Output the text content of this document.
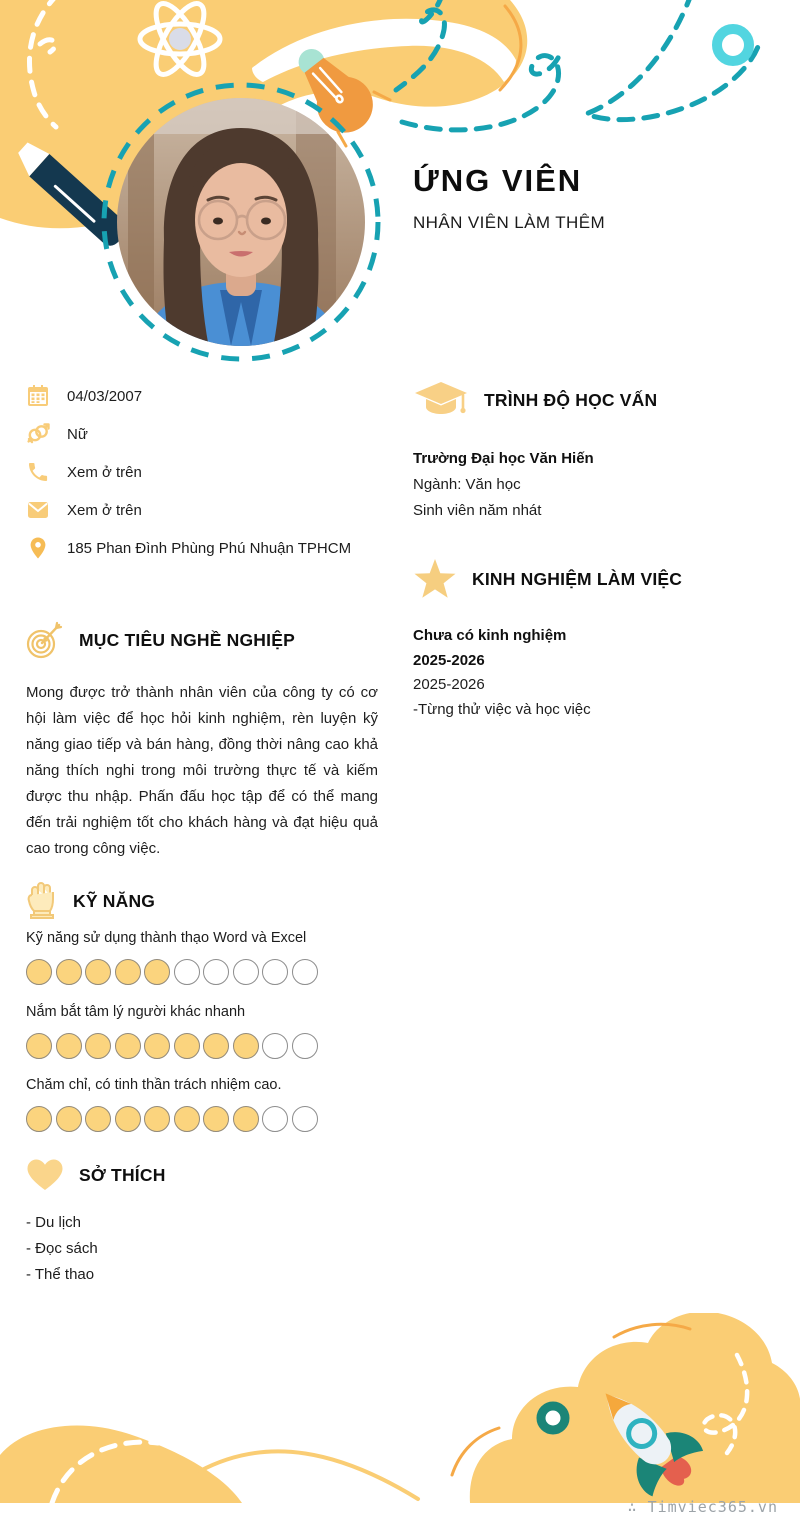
ỨNG VIÊN

NHÂN VIÊN LÀM THÊM

04/03/2007
Nữ
Xem ở trên
Xem ở trên
185 Phan Đình Phùng Phú Nhuận TPHCM
MỤC TIÊU NGHỀ NGHIỆP

Mong được trở thành nhân viên của công ty có cơ hội làm việc để học hỏi kinh nghiệm, rèn luyện kỹ năng giao tiếp và bán hàng, đồng thời nâng cao khả năng thích nghi trong môi trường thực tế và kiếm được thu nhập. Phấn đấu học tập để có thể mang đến trải nghiệm tốt cho khách hàng và đạt hiệu quả cao trong công việc.

KỸ NĂNG
Kỹ năng sử dụng thành thạo Word và Excel
Nắm bắt tâm lý người khác nhanh
Chăm chỉ, có tinh thần trách nhiệm cao.
SỞ THÍCH
- Du lịch
- Đọc sách
- Thể thao
TRÌNH ĐỘ HỌC VẤN
Trường Đại học Văn Hiến
Ngành: Văn học
Sinh viên năm nhát
KINH NGHIỆM LÀM VIỆC
Chưa có kinh nghiệm
2025-2026
2025-2026
-Từng thử việc và học việc
∴ Timviec365.vn
